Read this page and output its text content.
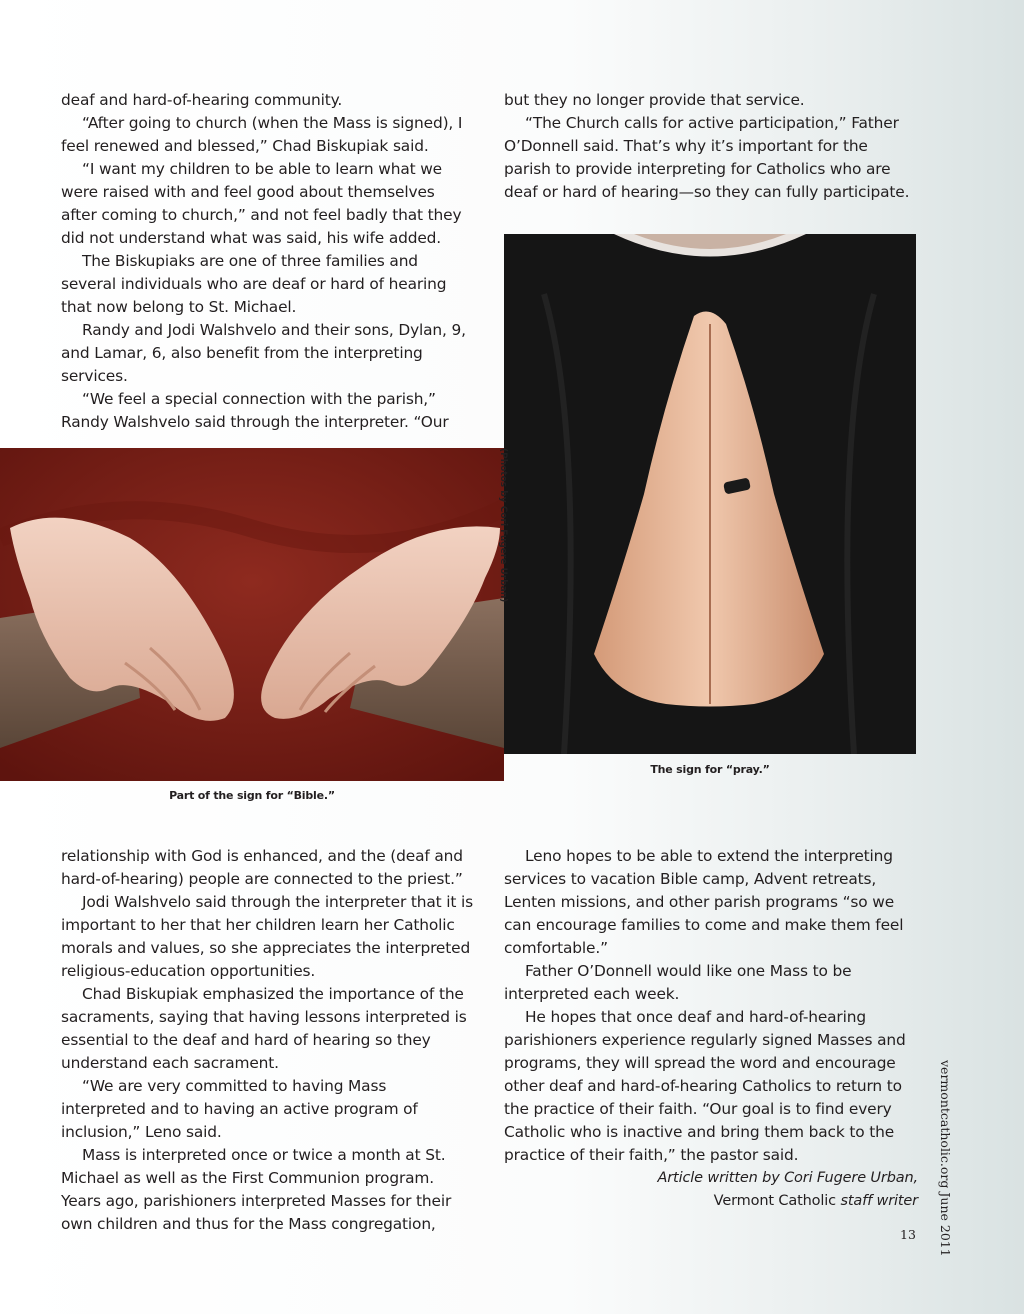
deaf and hard-of-hearing community.

“After going to church (when the Mass is signed), I feel renewed and blessed,” Chad Biskupiak said.

“I want my children to be able to learn what we were raised with and feel good about themselves after coming to church,” and not feel badly that they did not understand what was said, his wife added.

The Biskupiaks are one of three families and several individuals who are deaf or hard of hearing that now belong to St. Michael.

Randy and Jodi Walshvelo and their sons, Dylan, 9, and Lamar, 6, also benefit from the interpreting services.

“We feel a special connection with the parish,” Randy Walshvelo said through the interpreter. “Our

but they no longer provide that service.

“The Church calls for active participation,” Father O’Donnell said. That’s why it’s important for the parish to provide interpreting for Catholics who are deaf or hard of hearing—so they can fully participate.

(Photos by Cori Fugere Urban)
Part of the sign for “Bible.”
The sign for “pray.”

relationship with God is enhanced, and the (deaf and hard-of-hearing) people are connected to the priest.”

Jodi Walshvelo said through the interpreter that it is important to her that her children learn her Catholic morals and values, so she appreciates the interpreted religious-education opportunities.

Chad Biskupiak emphasized the importance of the sacraments, saying that having lessons interpreted is essential to the deaf and hard of hearing so they understand each sacrament.

“We are very committed to having Mass interpreted and to having an active program of inclusion,” Leno said.

Mass is interpreted once or twice a month at St. Michael as well as the First Communion program. Years ago, parishioners interpreted Masses for their own children and thus for the Mass congregation,

Leno hopes to be able to extend the interpreting services to vacation Bible camp, Advent retreats, Lenten missions, and other parish programs “so we can encourage families to come and make them feel comfortable.”

Father O’Donnell would like one Mass to be interpreted each week.

He hopes that once deaf and hard-of-hearing parishioners experience regularly signed Masses and programs, they will spread the word and encourage other deaf and hard-of-hearing Catholics to return to the practice of their faith. “Our goal is to find every Catholic who is inactive and bring them back to the practice of their faith,” the pastor said.

Article written by Cori Fugere Urban,
Vermont Catholic staff writer vermontcatholic.org June 2011
13
